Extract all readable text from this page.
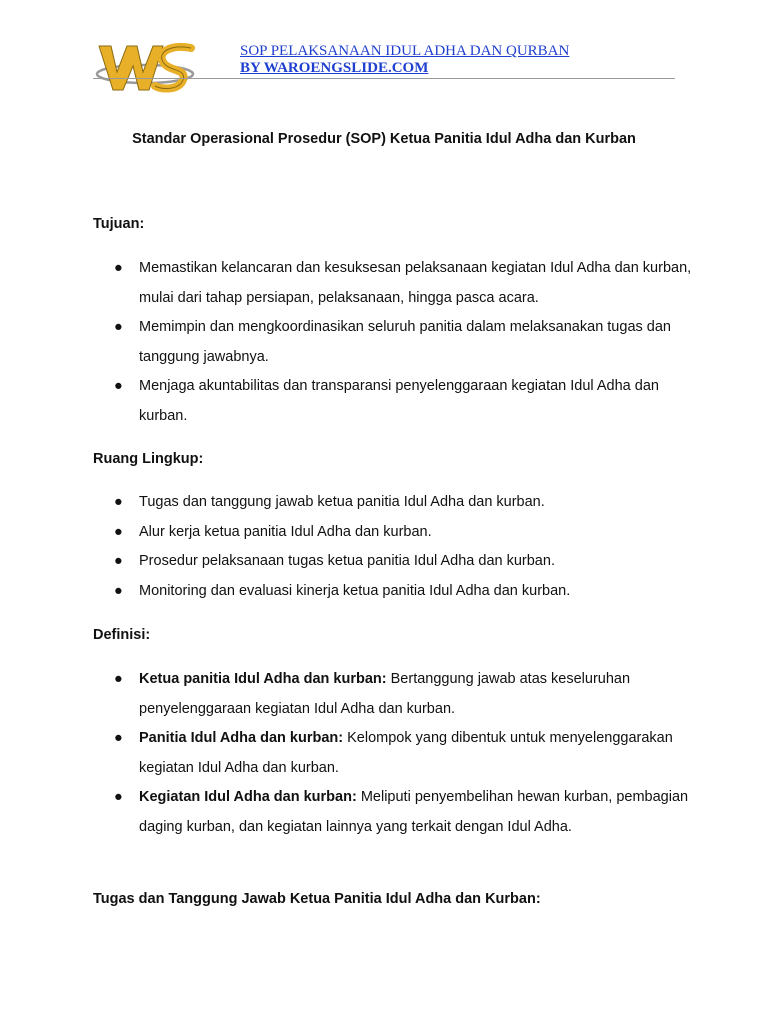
SOP PELAKSANAAN IDUL ADHA DAN QURBAN
BY WAROENGSLIDE.COM
Standar Operasional Prosedur (SOP) Ketua Panitia Idul Adha dan Kurban
Tujuan:
● Memastikan kelancaran dan kesuksesan pelaksanaan kegiatan Idul Adha dan kurban, mulai dari tahap persiapan, pelaksanaan, hingga pasca acara.
● Memimpin dan mengkoordinasikan seluruh panitia dalam melaksanakan tugas dan tanggung jawabnya.
● Menjaga akuntabilitas dan transparansi penyelenggaraan kegiatan Idul Adha dan kurban.
Ruang Lingkup:
● Tugas dan tanggung jawab ketua panitia Idul Adha dan kurban.
● Alur kerja ketua panitia Idul Adha dan kurban.
● Prosedur pelaksanaan tugas ketua panitia Idul Adha dan kurban.
● Monitoring dan evaluasi kinerja ketua panitia Idul Adha dan kurban.
Definisi:
● Ketua panitia Idul Adha dan kurban: Bertanggung jawab atas keseluruhan penyelenggaraan kegiatan Idul Adha dan kurban.
● Panitia Idul Adha dan kurban: Kelompok yang dibentuk untuk menyelenggarakan kegiatan Idul Adha dan kurban.
● Kegiatan Idul Adha dan kurban: Meliputi penyembelihan hewan kurban, pembagian daging kurban, dan kegiatan lainnya yang terkait dengan Idul Adha.
Tugas dan Tanggung Jawab Ketua Panitia Idul Adha dan Kurban:
